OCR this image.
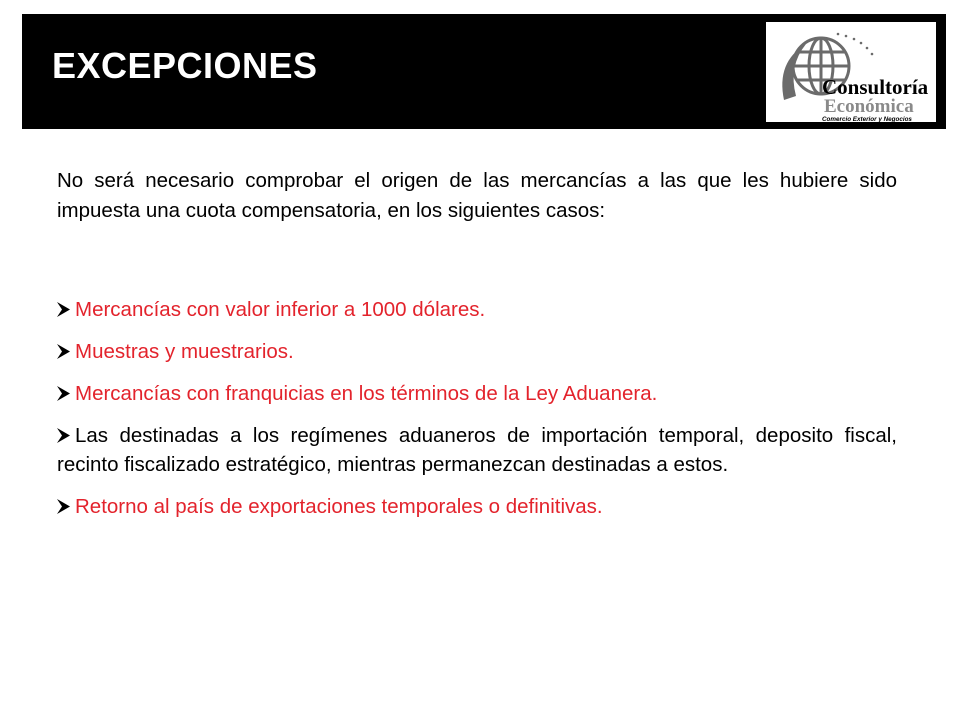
EXCEPCIONES
Consultoría
Económica
Comercio Exterior y Negocios

No será necesario comprobar el origen de las mercancías a las que les hubiere sido impuesta una cuota compensatoria, en los siguientes casos:

Mercancías con valor inferior a 1000 dólares.
Muestras y muestrarios.
Mercancías con franquicias en los términos de la Ley Aduanera.
Las destinadas a los regímenes aduaneros de importación temporal, deposito fiscal, recinto fiscalizado estratégico, mientras permanezcan destinadas a estos.
Retorno al país de exportaciones temporales o definitivas.
